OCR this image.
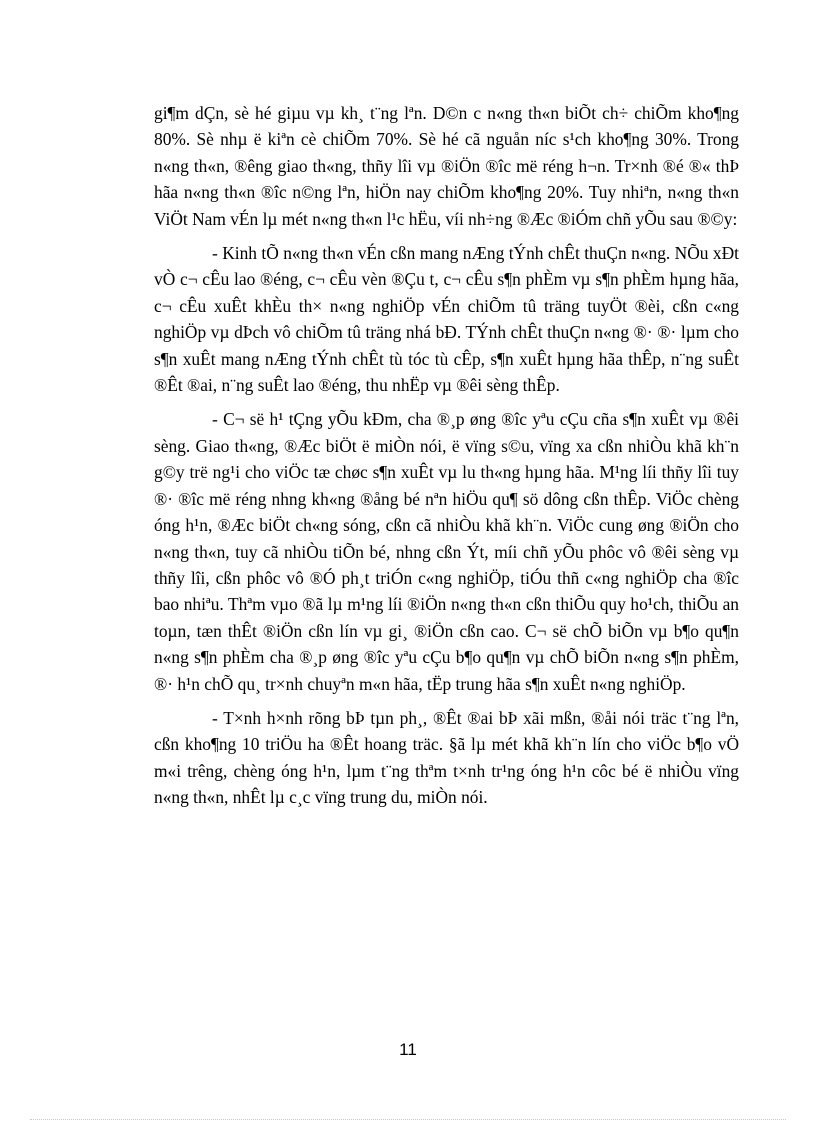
gi¶m dÇn, sè hé giµu vµ kh¸ t¨ng lªn. D©n c n«ng th«n biÕt ch÷ chiÕm kho¶ng 80%. Sè nhµ ë kiªn cè chiÕm 70%. Sè hé cã nguån níc s¹ch kho¶ng 30%. Trong n«ng th«n, ®êng giao th«ng, thñy lîi vµ ®iÖn ®îc më réng h¬n. Tr×nh ®é ®« thÞ hãa n«ng th«n ®îc n©ng lªn, hiÖn nay chiÕm kho¶ng 20%. Tuy nhiªn, n«ng th«n ViÖt Nam vÉn lµ mét n«ng th«n l¹c hËu, víi nh÷ng ®Æc ®iÓm chñ yÕu sau ®©y:

- Kinh tÕ n«ng th«n vÉn cßn mang nÆng tÝnh chÊt thuÇn n«ng. NÕu xÐt vÒ c¬ cÊu lao ®éng, c¬ cÊu vèn ®Çu t, c¬ cÊu s¶n phÈm vµ s¶n phÈm hµng hãa, c¬ cÊu xuÊt khÈu th× n«ng nghiÖp vÉn chiÕm tû träng tuyÖt ®èi, cßn c«ng nghiÖp vµ dÞch vô chiÕm tû träng nhá bÐ. TÝnh chÊt thuÇn n«ng ®· ®· lµm cho s¶n xuÊt mang nÆng tÝnh chÊt tù tóc tù cÊp, s¶n xuÊt hµng hãa thÊp, n¨ng suÊt ®Êt ®ai, n¨ng suÊt lao ®éng, thu nhËp vµ ®êi sèng thÊp.

- C¬ së h¹ tÇng yÕu kÐm, cha ®¸p øng ®îc yªu cÇu cña s¶n xuÊt vµ ®êi sèng. Giao th«ng, ®Æc biÖt ë miÒn nói, ë vïng s©u, vïng xa cßn nhiÒu khã kh¨n g©y trë ng¹i cho viÖc tæ chøc s¶n xuÊt vµ lu th«ng hµng hãa. M¹ng líi thñy lîi tuy ®· ®îc më réng nhng kh«ng ®ång bé nªn hiÖu qu¶ sö dông cßn thÊp. ViÖc chèng óng h¹n, ®Æc biÖt ch«ng sóng, cßn cã nhiÒu khã kh¨n. ViÖc cung øng ®iÖn cho n«ng th«n, tuy cã nhiÒu tiÕn bé, nhng cßn Ýt, míi chñ yÕu phôc vô ®êi sèng vµ thñy lîi, cßn phôc vô ®Ó ph¸t triÓn c«ng nghiÖp, tiÓu thñ c«ng nghiÖp cha ®îc bao nhiªu. Thªm vµo ®ã lµ m¹ng líi ®iÖn n«ng th«n cßn thiÕu quy ho¹ch, thiÕu an toµn, tæn thÊt ®iÖn cßn lín vµ gi¸ ®iÖn cßn cao. C¬ së chÕ biÕn vµ b¶o qu¶n n«ng s¶n phÈm cha ®¸p øng ®îc yªu cÇu b¶o qu¶n vµ chÕ biÕn n«ng s¶n phÈm, ®· h¹n chÕ qu¸ tr×nh chuyªn m«n hãa, tËp trung hãa s¶n xuÊt n«ng nghiÖp.

- T×nh h×nh rõng bÞ tµn ph¸, ®Êt ®ai bÞ xãi mßn, ®åi nói träc t¨ng lªn, cßn kho¶ng 10 triÖu ha ®Êt hoang träc. §ã lµ mét khã kh¨n lín cho viÖc b¶o vÖ m«i trêng, chèng óng h¹n, lµm t¨ng thªm t×nh tr¹ng óng h¹n côc bé ë nhiÒu vïng n«ng th«n, nhÊt lµ c¸c vïng trung du, miÒn nói.

11
